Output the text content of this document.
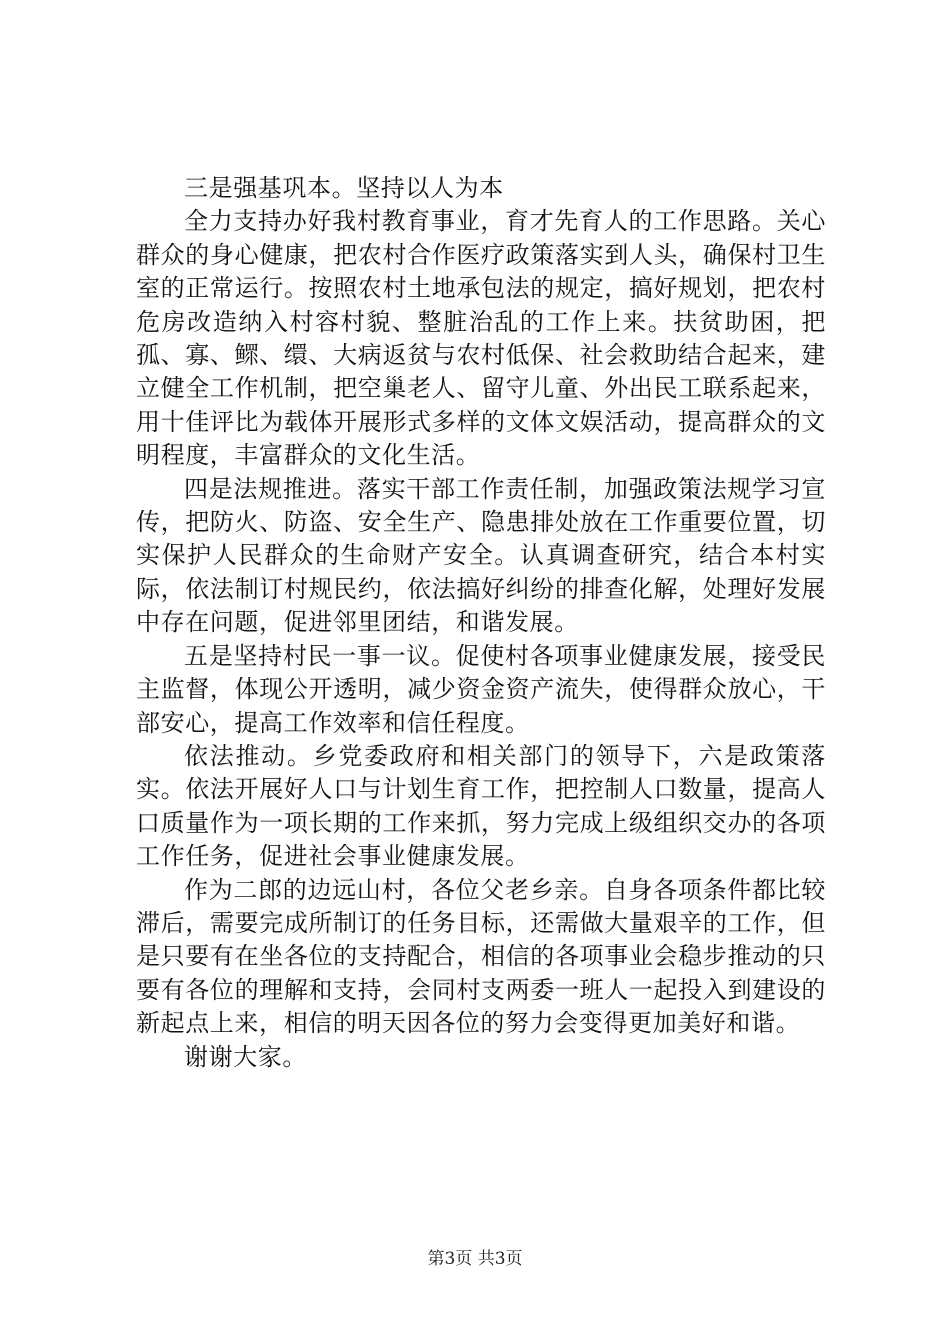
三是强基巩本。坚持以人为本

全力支持办好我村教育事业，育才先育人的工作思路。关心群众的身心健康，把农村合作医疗政策落实到人头，确保村卫生室的正常运行。按照农村土地承包法的规定，搞好规划，把农村危房改造纳入村容村貌、整脏治乱的工作上来。扶贫助困，把孤、寡、鳏、缳、大病返贫与农村低保、社会救助结合起来，建立健全工作机制，把空巢老人、留守儿童、外出民工联系起来，用十佳评比为载体开展形式多样的文体文娱活动，提高群众的文明程度，丰富群众的文化生活。

四是法规推进。落实干部工作责任制，加强政策法规学习宣传，把防火、防盗、安全生产、隐患排处放在工作重要位置，切实保护人民群众的生命财产安全。认真调查研究，结合本村实际，依法制订村规民约，依法搞好纠纷的排查化解，处理好发展中存在问题，促进邻里团结，和谐发展。

五是坚持村民一事一议。促使村各项事业健康发展，接受民主监督，体现公开透明，减少资金资产流失，使得群众放心，干部安心，提高工作效率和信任程度。

依法推动。乡党委政府和相关部门的领导下，六是政策落实。依法开展好人口与计划生育工作，把控制人口数量，提高人口质量作为一项长期的工作来抓，努力完成上级组织交办的各项工作任务，促进社会事业健康发展。

作为二郎的边远山村，各位父老乡亲。自身各项条件都比较滞后，需要完成所制订的任务目标，还需做大量艰辛的工作，但是只要有在坐各位的支持配合，相信的各项事业会稳步推动的只要有各位的理解和支持，会同村支两委一班人一起投入到建设的新起点上来，相信的明天因各位的努力会变得更加美好和谐。

谢谢大家。

第3页 共3页
